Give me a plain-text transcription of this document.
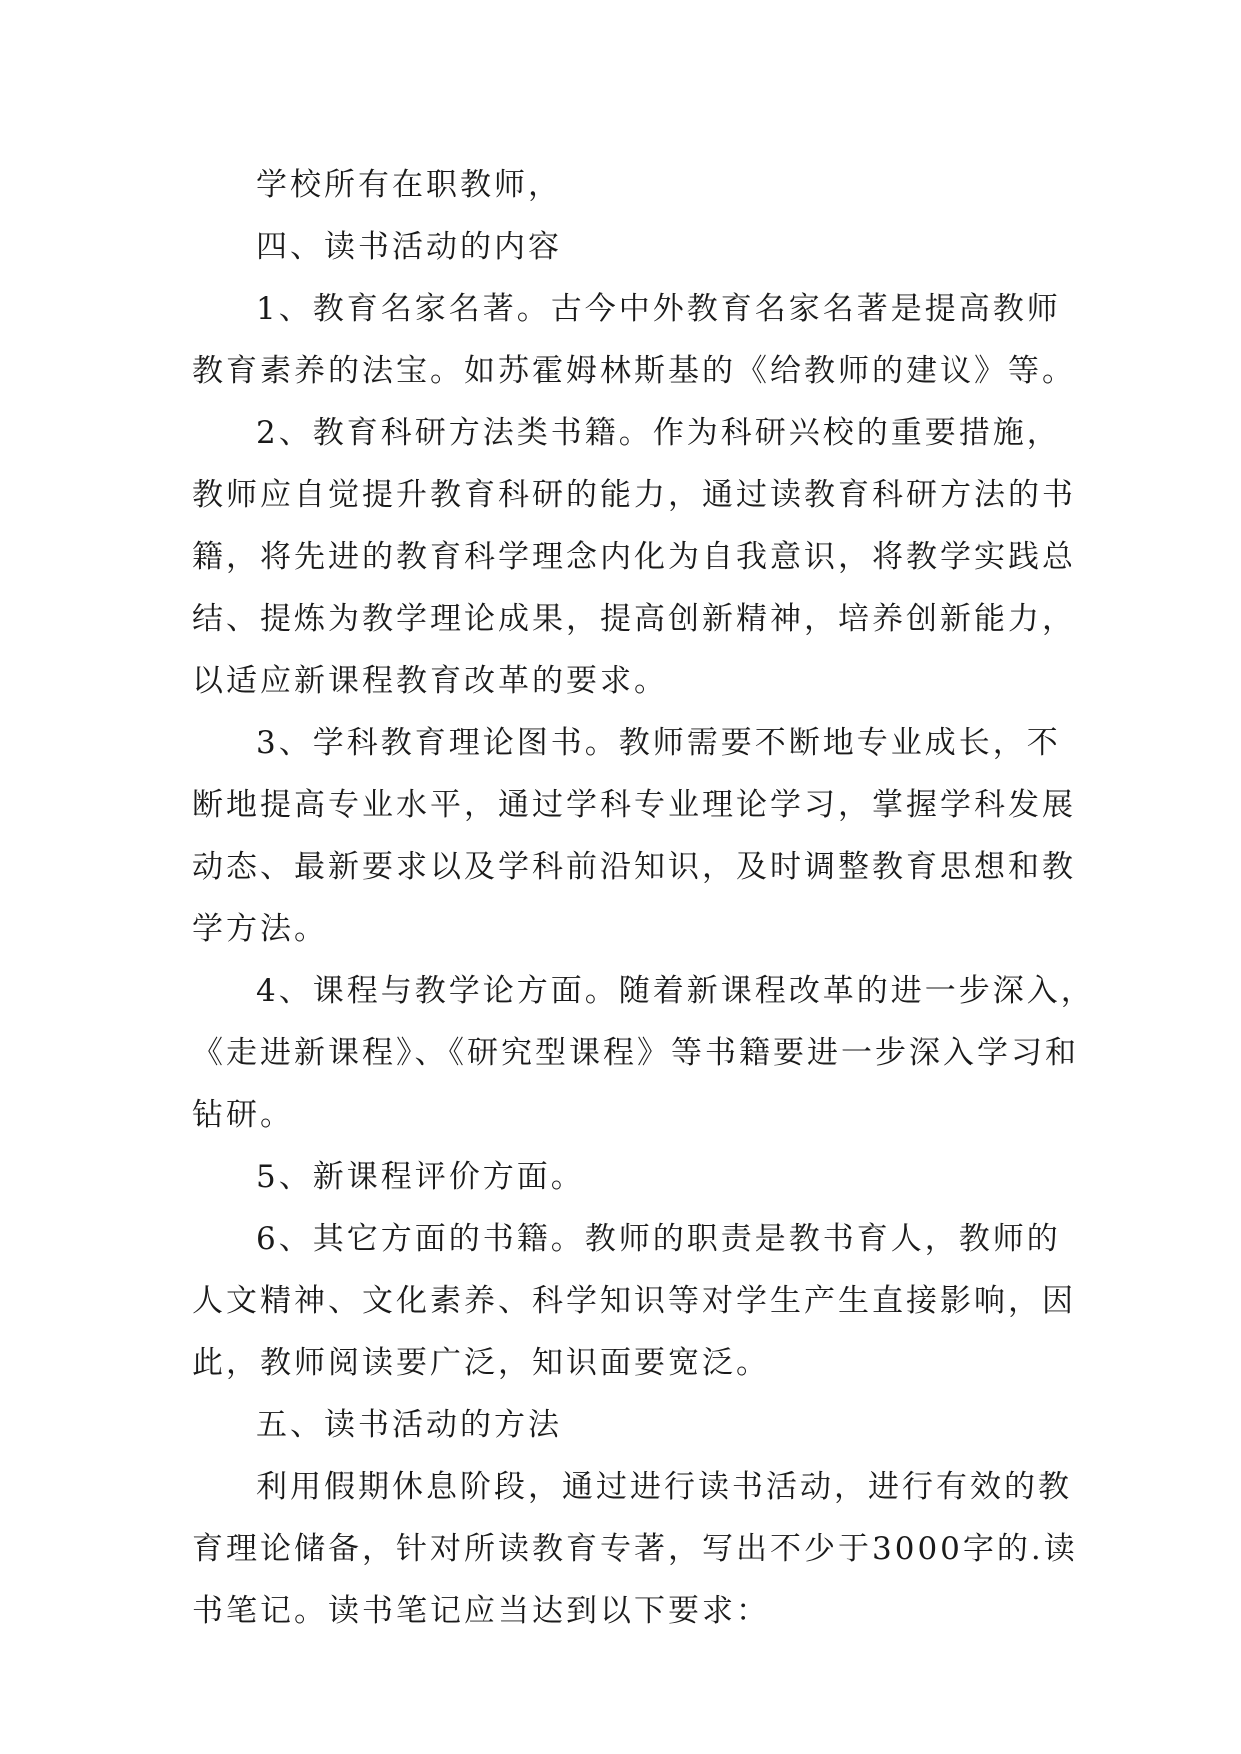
学校所有在职教师，
四、读书活动的内容
1、教育名家名著。古今中外教育名家名著是提高教师
教育素养的法宝。如苏霍姆林斯基的《给教师的建议》等。
2、教育科研方法类书籍。作为科研兴校的重要措施，
教师应自觉提升教育科研的能力，通过读教育科研方法的书
籍，将先进的教育科学理念内化为自我意识，将教学实践总
结、提炼为教学理论成果，提高创新精神，培养创新能力，
以适应新课程教育改革的要求。
3、学科教育理论图书。教师需要不断地专业成长，不
断地提高专业水平，通过学科专业理论学习，掌握学科发展
动态、最新要求以及学科前沿知识，及时调整教育思想和教
学方法。
4、课程与教学论方面。随着新课程改革的进一步深入，
《走进新课程》、《研究型课程》等书籍要进一步深入学习和
钻研。
5、新课程评价方面。
6、其它方面的书籍。教师的职责是教书育人，教师的
人文精神、文化素养、科学知识等对学生产生直接影响，因
此，教师阅读要广泛，知识面要宽泛。
五、读书活动的方法
利用假期休息阶段，通过进行读书活动，进行有效的教
育理论储备，针对所读教育专著，写出不少于3000字的.读
书笔记。读书笔记应当达到以下要求：
